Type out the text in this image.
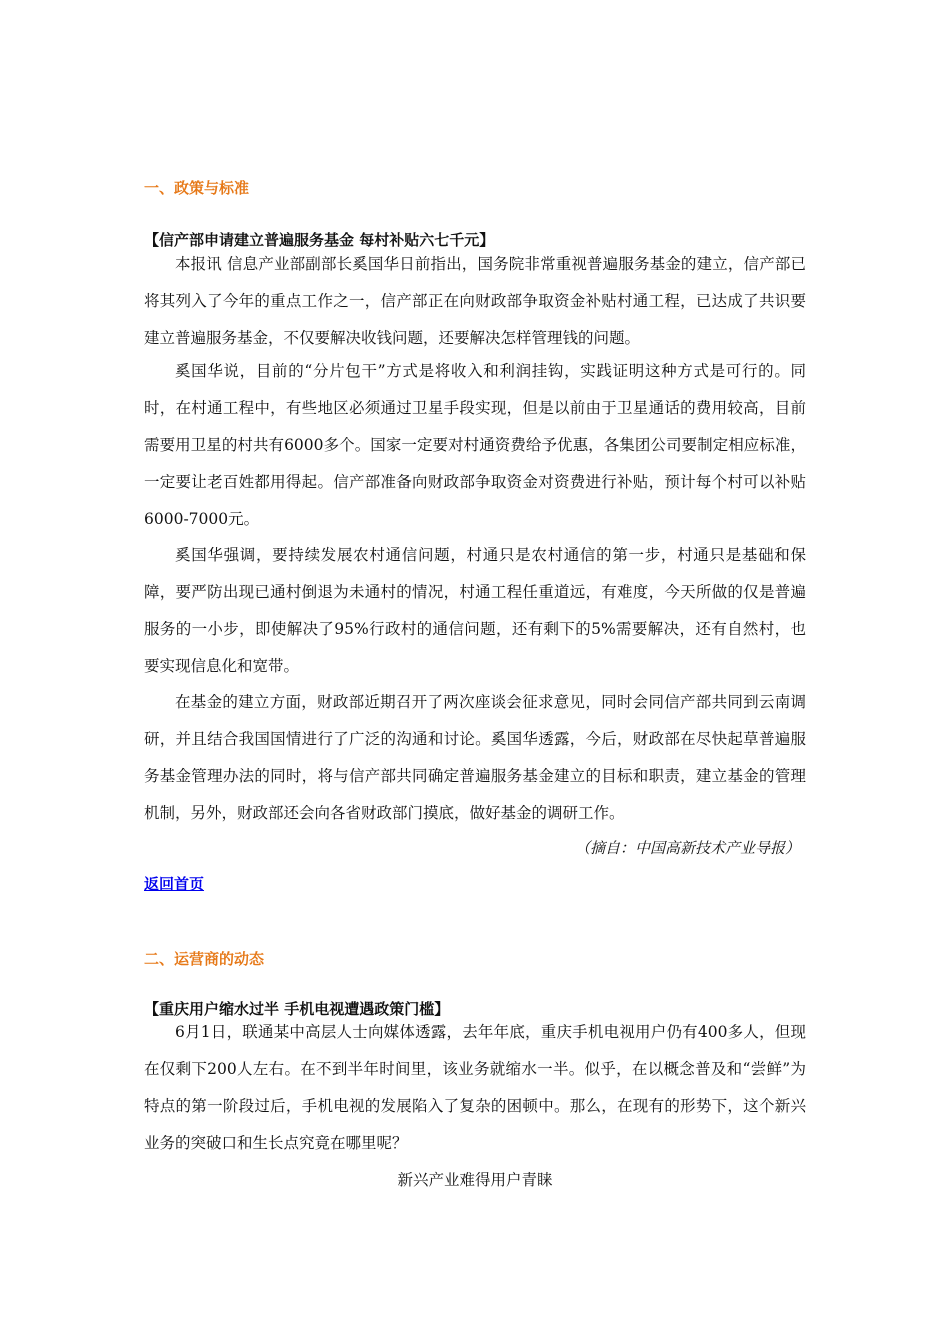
一、政策与标准
【信产部申请建立普遍服务基金 每村补贴六七千元】

本报讯 信息产业部副部长奚国华日前指出，国务院非常重视普遍服务基金的建立，信产部已将其列入了今年的重点工作之一，信产部正在向财政部争取资金补贴村通工程，已达成了共识要建立普遍服务基金，不仅要解决收钱问题，还要解决怎样管理钱的问题。

奚国华说，目前的“分片包干”方式是将收入和利润挂钩，实践证明这种方式是可行的。同时，在村通工程中，有些地区必须通过卫星手段实现，但是以前由于卫星通话的费用较高，目前需要用卫星的村共有6000多个。国家一定要对村通资费给予优惠，各集团公司要制定相应标准，一定要让老百姓都用得起。信产部准备向财政部争取资金对资费进行补贴，预计每个村可以补贴6000-7000元。

奚国华强调，要持续发展农村通信问题，村通只是农村通信的第一步，村通只是基础和保障，要严防出现已通村倒退为未通村的情况，村通工程任重道远，有难度，今天所做的仅是普遍服务的一小步，即使解决了95%行政村的通信问题，还有剩下的5%需要解决，还有自然村，也要实现信息化和宽带。

在基金的建立方面，财政部近期召开了两次座谈会征求意见，同时会同信产部共同到云南调研，并且结合我国国情进行了广泛的沟通和讨论。奚国华透露，今后，财政部在尽快起草普遍服务基金管理办法的同时，将与信产部共同确定普遍服务基金建立的目标和职责，建立基金的管理机制，另外，财政部还会向各省财政部门摸底，做好基金的调研工作。

（摘自：中国高新技术产业导报）
返回首页
二、运营商的动态
【重庆用户缩水过半 手机电视遭遇政策门槛】

6月1日，联通某中高层人士向媒体透露，去年年底，重庆手机电视用户仍有400多人，但现在仅剩下200人左右。在不到半年时间里，该业务就缩水一半。似乎，在以概念普及和“尝鲜”为特点的第一阶段过后，手机电视的发展陷入了复杂的困顿中。那么，在现有的形势下，这个新兴业务的突破口和生长点究竟在哪里呢？

新兴产业难得用户青睐
